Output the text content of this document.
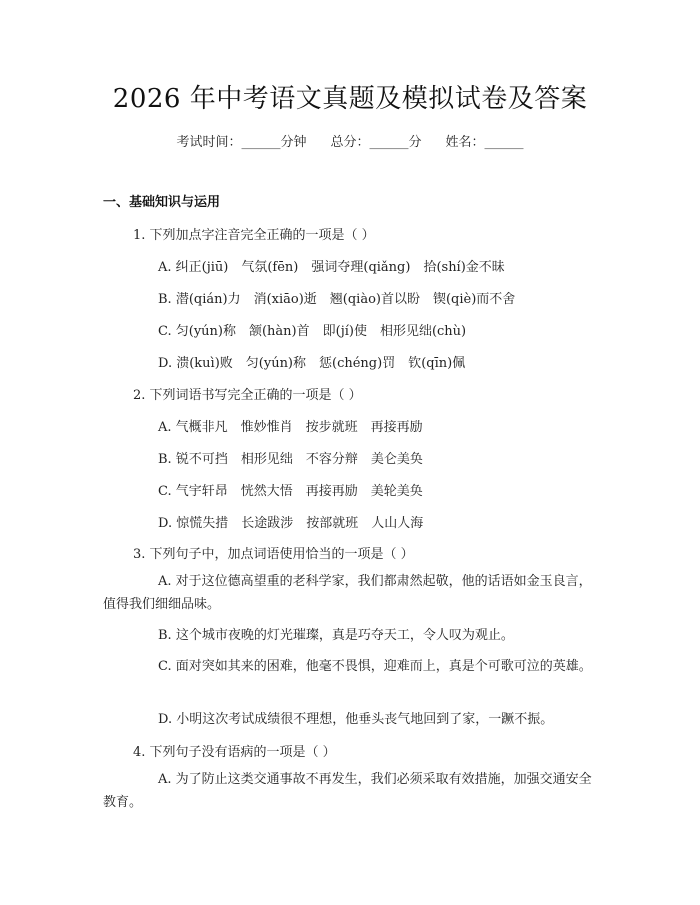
2026 年中考语文真题及模拟试卷及答案
考试时间：______分钟 总分：______分 姓名：______
一、基础知识与运用
1. 下列加点字注音完全正确的一项是（ ）
A. 纠正(jiū)　气氛(fēn)　强词夺理(qiǎng)　拾(shí)金不昧
B. 潜(qián)力　消(xiāo)逝　翘(qiào)首以盼　锲(qiè)而不舍
C. 匀(yún)称　颔(hàn)首　即(jí)使　相形见绌(chù)
D. 溃(kuì)败　匀(yún)称　惩(chéng)罚　钦(qīn)佩
2. 下列词语书写完全正确的一项是（ ）
A. 气概非凡　惟妙惟肖　按步就班　再接再励
B. 锐不可挡　相形见绌　不容分辩　美仑美奂
C. 气宇轩昂　恍然大悟　再接再励　美轮美奂
D. 惊慌失措　长途跋涉　按部就班　人山人海
3. 下列句子中，加点词语使用恰当的一项是（ ）
A. 对于这位德高望重的老科学家，我们都肃然起敬，他的话语如金玉良言，值得我们细细品味。
B. 这个城市夜晚的灯光璀璨，真是巧夺天工，令人叹为观止。
C. 面对突如其来的困难，他毫不畏惧，迎难而上，真是个可歌可泣的英雄。
D. 小明这次考试成绩很不理想，他垂头丧气地回到了家，一蹶不振。
4. 下列句子没有语病的一项是（ ）
A. 为了防止这类交通事故不再发生，我们必须采取有效措施，加强交通安全教育。
